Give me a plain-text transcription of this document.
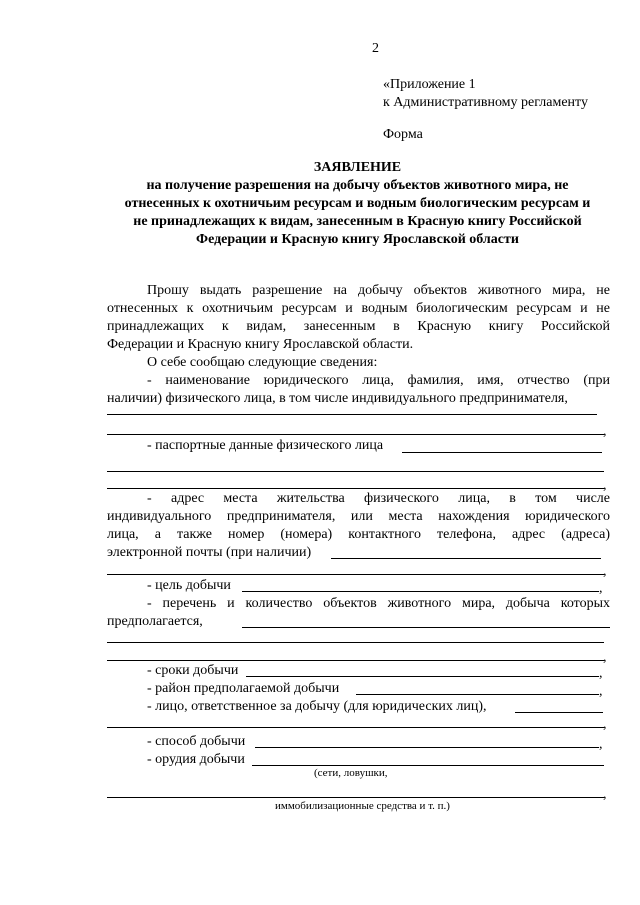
2
«Приложение 1
к Административному регламенту
Форма
ЗАЯВЛЕНИЕ
на получение разрешения на добычу объектов животного мира, не
отнесенных к охотничьим ресурсам и водным биологическим ресурсам и
не принадлежащих к видам, занесенным в Красную книгу Российской
Федерации и Красную книгу Ярославской области
Прошу выдать разрешение на добычу объектов животного мира, не
отнесенных к охотничьим ресурсам и водным биологическим ресурсам и не
принадлежащих к видам, занесенным в Красную книгу Российской
Федерации и Красную книгу Ярославской области.
О себе сообщаю следующие сведения:
- наименование юридического лица, фамилия, имя, отчество (при
наличии) физического лица, в том числе индивидуального предпринимателя,
,
- паспортные данные физического лица
,
- адрес места жительства физического лица, в том числе
индивидуального предпринимателя, или места нахождения юридического
лица, а также номер (номера) контактного телефона, адрес (адреса)
электронной почты (при наличии)
,
- цель добычи	,
- перечень и количество объектов животного мира, добыча которых
предполагается,
,
- сроки добычи	,
- район предполагаемой добычи	,
- лицо, ответственное за добычу (для юридических лиц),
,
- способ добычи	,
- орудия добычи
(сети, ловушки,
,
иммобилизационные средства и т. п.)
